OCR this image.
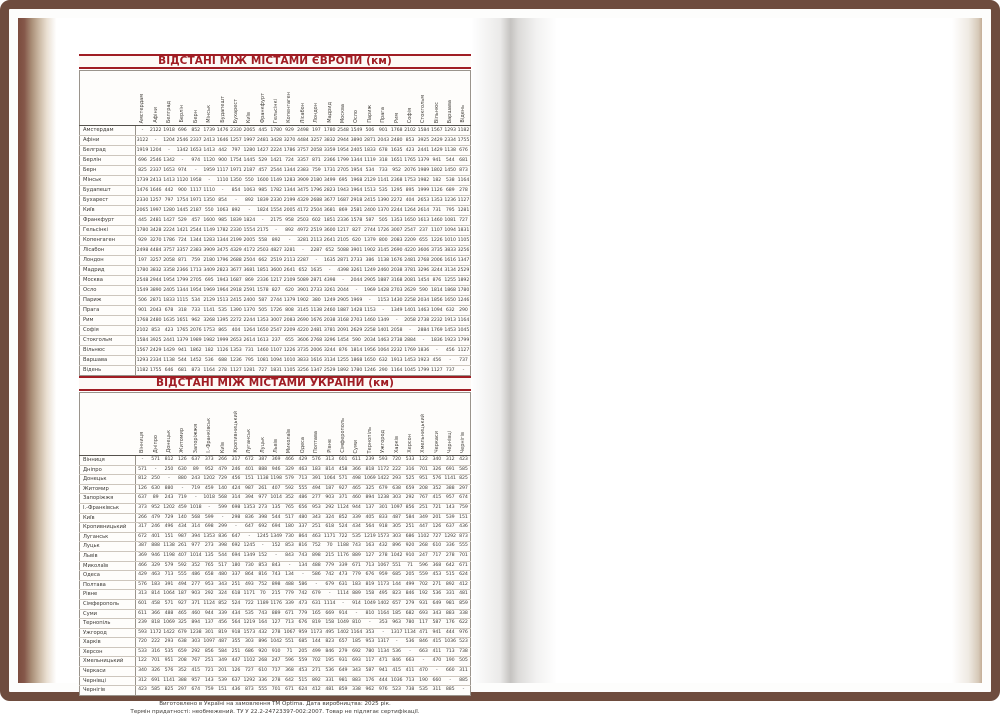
ВІДСТАНІ МІЖ МІСТАМИ ЄВРОПИ (км)

	Амстердам	Афіни	Белград	Берлін	Берн	Мінськ	Будапешт	Бухарест	Київ	Франкфурт	Гельсінкі	Копенгаген	Лісабон	Лондон	Мадрид	Москва	Осло	Париж	Прага	Рим	Софія	Стокгольм	Вільнюс	Варшава	Відень

Амстердам	-	2122	1918	696	852	1739	1476	2330	2065	445	1780	929	2498	197	1780	2548	1549	506	901	1768	2102	1584	1567	1293	1182
Афіни	3122	-	1204	2546	2337	2413	1646	1257	1997	2481	3428	3270	4484	3257	3832	2944	3890	2871	2043	2480	853	3925	2429	2334	1755
Белград	1919	1204	-	1342	1653	1413	442	797	1280	1427	2224	1786	3757	2058	3359	1954	2405	1833	678	1635	423	2441	1429	1138	676
Берлін	696	2546	1342	-	974	1120	900	1754	1445	529	1421	724	3357	871	2366	1799	1344	1119	318	1651	1765	1379	941	544	681
Берн	825	2337	1653	974	-	1959	1117	1971	2187	457	2544	1344	2383	759	1731	2705	1954	534	733	952	2076	1989	1802	1450	873
Мінськ	1739	2413	1413	1120	1958	-	1110	1350	550	1600	1149	1283	3909	2180	3499	695	1968	2129	1141	2368	1753	1982	182	538	1164
Будапешт	1476	1646	442	900	1117	1110	-	854	1063	985	1782	1344	3475	1796	2823	1943	1964	1513	535	1295	895	1999	1126	689	278
Бухарест	2330	1257	797	1754	1971	1350	854	-	892	1839	2330	2199	4329	2688	3677	1687	2918	2415	1390	2272	404	2653	1353	1236	1127
Київ	2065	1997	1280	1445	2187	550	1063	892	-	1824	1554	2005	4172	2504	3681	869	2581	2400	1370	2244	1264	2614	731	795	1281
Франкфурт	445	2481	1427	529	457	1600	985	1839	1824	-	2175	958	2503	602	1851	2336	1578	587	505	1353	1650	1613	1460	1081	727
Гельсінкі	1780	3428	2224	1421	2544	1149	1782	2330	1554	2175	-	892	4972	2519	3600	1217	827	2744	1726	3007	2547	237	1107	1094	1831
Копенгаген	929	3270	1786	724	1344	1283	1344	2199	2005	558	892	-	3281	2113	2641	2105	620	1379	800	2083	2209	655	1226	1010	1105
Лісабон	2498	4484	3757	3357	2383	3909	3475	4329	4172	2503	4827	3281	-	2287	652	5088	3901	1902	3145	2690	4220	3606	3735	3833	3256
Лондон	197	3257	2058	871	759	2180	1796	2688	2504	662	2519	2113	2287	-	1635	2871	2733	386	1138	1676	2481	2768	2006	1616	1347
Мадрид	1780	3832	3358	2366	1713	3409	2823	3677	3681	1851	3600	2641	652	1635	-	4398	3261	1249	2460	2038	3781	3296	3244	3134	2529
Москва	2548	2944	1954	1799	2705	695	1943	1687	869	2336	1217	2109	5089	2871	4398	-	2044	2905	1887	3168	2081	1454	876	1255	1892
Осло	1549	3890	2405	1344	1954	1969	1964	2918	2591	1578	827	620	3901	2733	3261	2044	-	1969	1428	2703	2629	590	1814	1868	1780
Париж	506	2871	1833	1115	534	2129	1513	2415	2400	587	2744	1379	1902	380	1249	2905	1969	-	1153	1430	2258	2034	1856	1650	1246
Прага	901	2043	678	318	733	1141	535	1390	1370	505	1726	808	3145	1138	2460	1887	1428	1153	-	1349	1401	1463	1094	632	290
Рим	1768	2480	1635	1651	962	3268	1395	2272	2244	1353	3007	2083	2690	1676	2038	3168	2703	1460	1349	-	2058	2738	2232	1913	1164
Софія	2102	853	423	1765	2076	1753	865	404	1264	1650	2547	2209	4220	2481	3781	2091	2629	2258	1401	2058	-	2884	1769	1453	1045
Стокгольм	1584	3925	2441	1379	1989	1982	1999	2653	2614	1613	237	655	3606	2768	3296	1454	590	2034	1463	2738	2884	-	1836	1923	1799
Вільнюс	1567	2429	1429	941	1862	182	1126	1353	731	1460	1107	1226	3735	2006	3244	876	1814	1956	1064	2232	1769	1836	-	456	1127
Варшава	1293	2334	1138	544	1452	536	688	1236	795	1081	1094	1010	3833	1616	3134	1255	1868	1650	632	1913	1453	1923	456	-	737
Відень	1182	1755	646	681	873	1164	278	1127	1281	727	1831	1105	3256	1347	2529	1892	1780	1246	290	1164	1045	1799	1127	737	-
ВІДСТАНІ МІЖ МІСТАМИ УКРАЇНИ (км)

	Вінниця	Дніпро	Донецьк	Житомир	Запоріжжя	І.-Франківськ	Київ	Кропивницький	Луганськ	Луцьк	Львів	Миколаїв	Одеса	Полтава	Рівне	Сімферополь	Суми	Тернопіль	Ужгород	Харків	Херсон	Хмельницький	Черкаси	Чернівці	Чернігів

Вінниця	-	571	812	126	637	373	266	317	672	387	369	466	429	576	313	601	611	239	593	720	533	122	340	312	423
Дніпро	571	-	250	630	89	952	479	246	401	888	946	329	463	183	814	458	366	818	1172	222	316	701	326	691	585
Донецьк	812	250	-	880	243	1202	729	456	151	1138	1198	579	713	391	1064	571	498	1069	1422	293	525	951	576	1141	825
Житомир	126	630	880	-	719	459	140	424	987	261	407	592	555	494	187	927	465	325	679	638	659	208	352	388	297
Запоріжжя	637	89	243	719	-	1018	568	314	394	977	1014	352	486	277	903	371	460	894	1238	303	292	767	415	957	674
І.-Франківськ	373	952	1202	459	1018	-	599	698	1353	273	135	765	656	953	292	1124	944	137	301	1097	856	251	721	143	759
Київ	266	479	729	140	568	599	-	298	836	398	544	517	480	343	324	852	339	405	833	487	584	349	201	539	151
Кропивницький	317	246	496	434	314	698	299	-	647	692	694	180	337	251	618	524	434	564	918	305	251	447	126	637	436
Луганськ	672	401	151	987	394	1353	836	647	-	1245	1349	730	864	463	1171	722	535	1219	1573	303	686	1102	727	1292	873
Луцьк	387	888	1138	261	977	273	398	692	1245	-	152	853	816	752	70	1188	743	163	432	896	920	268	610	336	555
Львів	369	946	1198	407	1014	135	544	694	1349	152	-	843	743	898	215	1176	889	127	278	1042	910	247	717	278	701
Миколаїв	466	329	579	592	352	765	517	180	730	853	843	-	134	488	779	339	671	713	1067	551	71	596	368	642	671
Одеса	429	463	713	555	486	658	480	337	864	816	743	134	-	586	742	473	779	676	959	685	205	559	453	515	624
Полтава	576	183	391	494	277	953	343	251	493	752	898	488	586	-	679	631	183	819	1173	144	499	702	271	892	412
Рівне	313	814	1064	187	903	292	324	618	1171	70	215	779	742	679	-	1114	889	158	495	823	846	192	536	331	481
Сімферополь	601	458	571	927	371	1124	852	524	722	1189	1176	339	473	631	1114	-	914	1049	1402	657	279	931	649	981	859
Суми	611	366	488	465	460	944	339	434	535	743	889	671	779	165	669	914	-	810	1164	185	682	693	343	883	338
Тернопіль	239	818	1069	325	894	137	456	564	1219	164	127	713	676	819	158	1049	810	-	353	963	780	117	587	176	622
Ужгород	593	1172	1422	679	1238	301	819	918	1573	432	278	1067	959	1173	495	1402	1164	353	-	1317	1134	471	941	444	976
Харків	720	222	293	638	303	1097	487	355	303	896	1042	551	685	144	823	657	185	953	1317	-	536	846	415	1036	523
Херсон	533	316	535	659	292	856	584	251	686	920	910	71	205	499	846	279	692	780	1134	536	-	663	411	713	738
Хмельницький	122	701	951	208	767	251	349	447	1102	268	247	596	559	702	195	931	693	117	471	846	663	-	470	190	505
Черкаси	340	326	576	352	415	721	201	126	727	610	717	368	453	271	536	649	343	587	941	415	411	470	-	660	311
Чернівці	312	691	1141	388	957	143	539	637	1292	336	278	642	515	892	331	981	883	176	444	1036	713	190	660	-	885
Чернігів	423	585	825	297	674	759	151	436	873	555	701	671	624	412	481	859	338	962	976	523	738	535	311	885	-
Виготовлено в Україні на замовлення ТМ Optima. Дата виробництва: 2025 рік.
Термін придатності: необмежений. ТУ У 22.2-24723397-002:2007. Товар не підлягає сертифікації.
